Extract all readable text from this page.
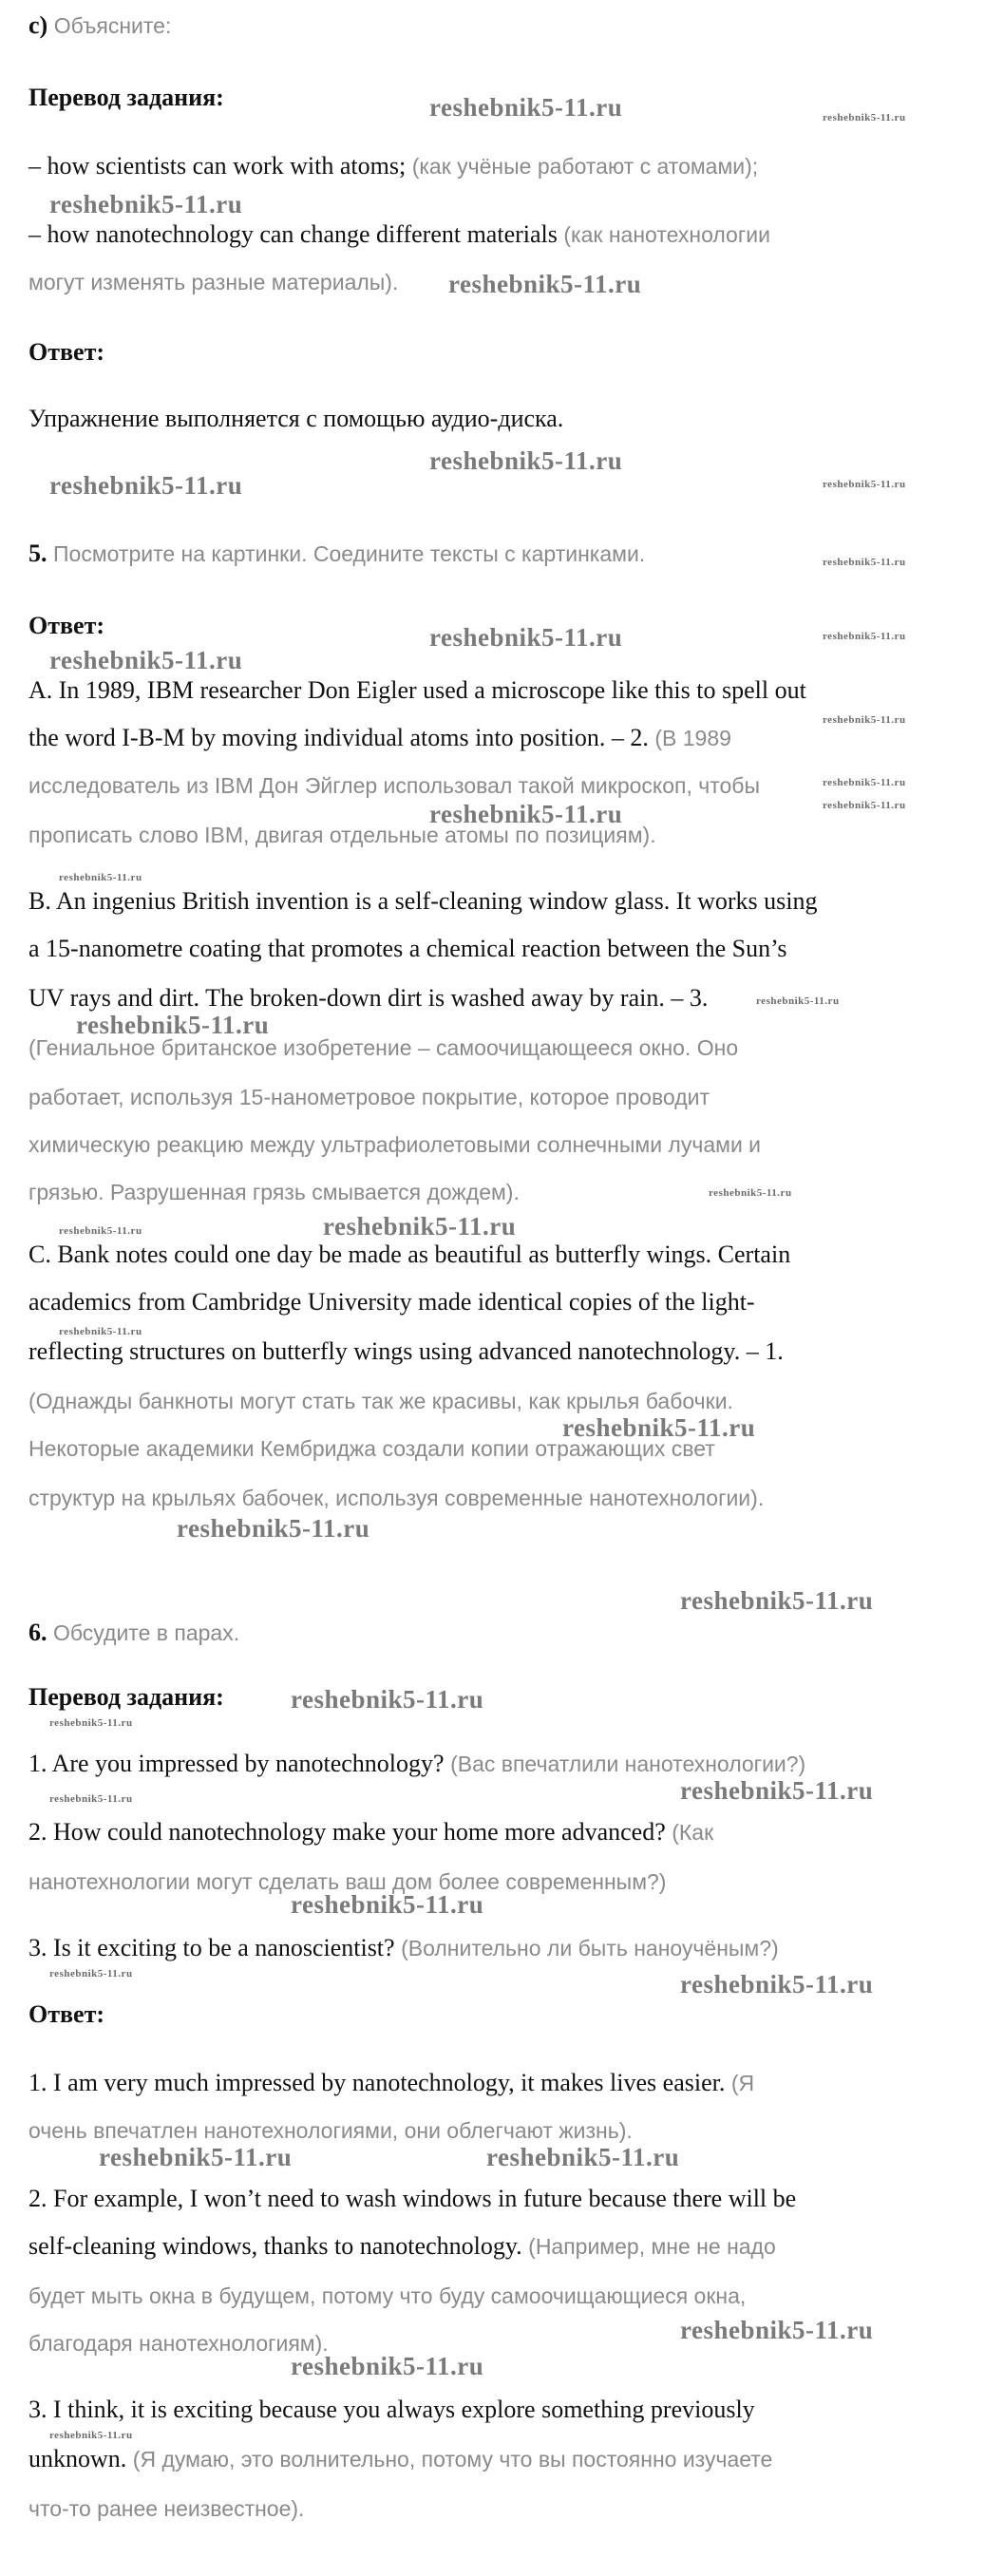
c) Объясните:
Перевод задания:
– how scientists can work with atoms; (как учёные работают с атомами);
– how nanotechnology can change different materials (как нанотехнологии
могут изменять разные материалы).
Ответ:
Упражнение выполняется с помощью аудио-диска.
5. Посмотрите на картинки. Соедините тексты с картинками.
Ответ:
A. In 1989, IBM researcher Don Eigler used a microscope like this to spell out
the word I-B-M by moving individual atoms into position. – 2. (В 1989
исследователь из IBM Дон Эйглер использовал такой микроскоп, чтобы
прописать слово IBM, двигая отдельные атомы по позициям).
B. An ingenius British invention is a self-cleaning window glass. It works using
a 15-nanometre coating that promotes a chemical reaction between the Sun’s
UV rays and dirt. The broken-down dirt is washed away by rain. – 3.
(Гениальное британское изобретение – самоочищающееся окно. Оно
работает, используя 15-нанометровое покрытие, которое проводит
химическую реакцию между ультрафиолетовыми солнечными лучами и
грязью. Разрушенная грязь смывается дождем).
C. Bank notes could one day be made as beautiful as butterfly wings. Certain
academics from Cambridge University made identical copies of the light-
reflecting structures on butterfly wings using advanced nanotechnology. – 1.
(Однажды банкноты могут стать так же красивы, как крылья бабочки.
Некоторые академики Кембриджа создали копии отражающих свет
структур на крыльях бабочек, используя современные нанотехнологии).
6. Обсудите в парах.
Перевод задания:
1. Are you impressed by nanotechnology? (Вас впечатлили нанотехнологии?)
2. How could nanotechnology make your home more advanced? (Как
нанотехнологии могут сделать ваш дом более современным?)
3. Is it exciting to be a nanoscientist? (Волнительно ли быть наноучёным?)
Ответ:
1. I am very much impressed by nanotechnology, it makes lives easier. (Я
очень впечатлен нанотехнологиями, они облегчают жизнь).
2. For example, I won’t need to wash windows in future because there will be
self-cleaning windows, thanks to nanotechnology. (Например, мне не надо
будет мыть окна в будущем, потому что буду самоочищающиеся окна,
благодаря нанотехнологиям).
3. I think, it is exciting because you always explore something previously
unknown. (Я думаю, это волнительно, потому что вы постоянно изучаете
что-то ранее неизвестное).
reshebnik5-11.ru	reshebnik5-11.ru
reshebnik5-11.ru
reshebnik5-11.ru
reshebnik5-11.ru
reshebnik5-11.ru	reshebnik5-11.ru
reshebnik5-11.ru
reshebnik5-11.ru	reshebnik5-11.ru
reshebnik5-11.ru
reshebnik5-11.ru
reshebnik5-11.ru
reshebnik5-11.ru
reshebnik5-11.ru
reshebnik5-11.ru
reshebnik5-11.ru
reshebnik5-11.ru
reshebnik5-11.ru
reshebnik5-11.ru
reshebnik5-11.ru
reshebnik5-11.ru
reshebnik5-11.ru
reshebnik5-11.ru
reshebnik5-11.ru
reshebnik5-11.ru
reshebnik5-11.ru
reshebnik5-11.ru	reshebnik5-11.ru
reshebnik5-11.ru
reshebnik5-11.ru	reshebnik5-11.ru
reshebnik5-11.ru	reshebnik5-11.ru
reshebnik5-11.ru
reshebnik5-11.ru
reshebnik5-11.ru
